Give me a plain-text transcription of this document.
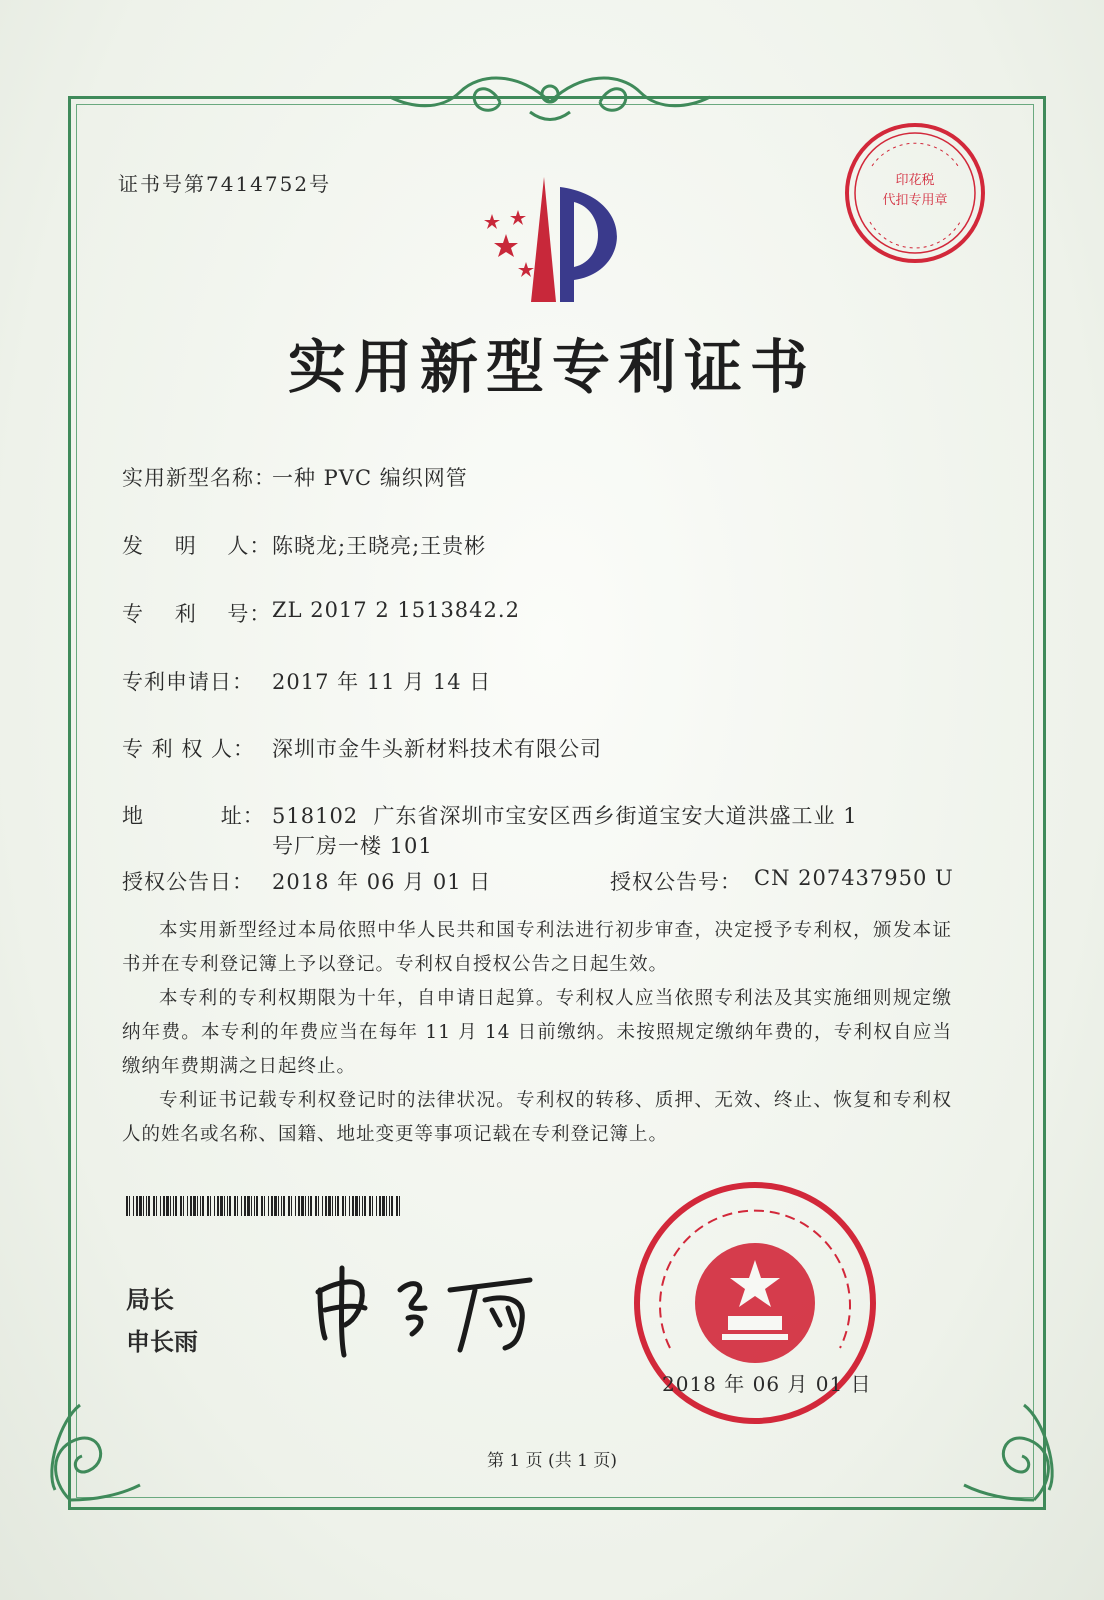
证书号第7414752号	印花税
代扣专用章
实用新型专利证书
实用新型名称：
一种 PVC 编织网管
发    明    人： 陈晓龙;王晓亮;王贵彬
专    利    号： ZL 2017 2 1513842.2
专利申请日： 2017 年 11 月 14 日
专 利 权 人： 深圳市金牛头新材料技术有限公司
地          址： 518102  广东省深圳市宝安区西乡街道宝安大道洪盛工业 1
号厂房一楼 101
授权公告日： 2018 年 06 月 01 日	授权公告号： CN 207437950 U

本实用新型经过本局依照中华人民共和国专利法进行初步审查，决定授予专利权，颁发本证书并在专利登记簿上予以登记。专利权自授权公告之日起生效。

本专利的专利权期限为十年，自申请日起算。专利权人应当依照专利法及其实施细则规定缴纳年费。本专利的年费应当在每年 11 月 14 日前缴纳。未按照规定缴纳年费的，专利权自应当缴纳年费期满之日起终止。

专利证书记载专利权登记时的法律状况。专利权的转移、质押、无效、终止、恢复和专利权人的姓名或名称、国籍、地址变更等事项记载在专利登记簿上。

局长
申长雨
2018 年 06 月 01 日
第 1 页 (共 1 页)
